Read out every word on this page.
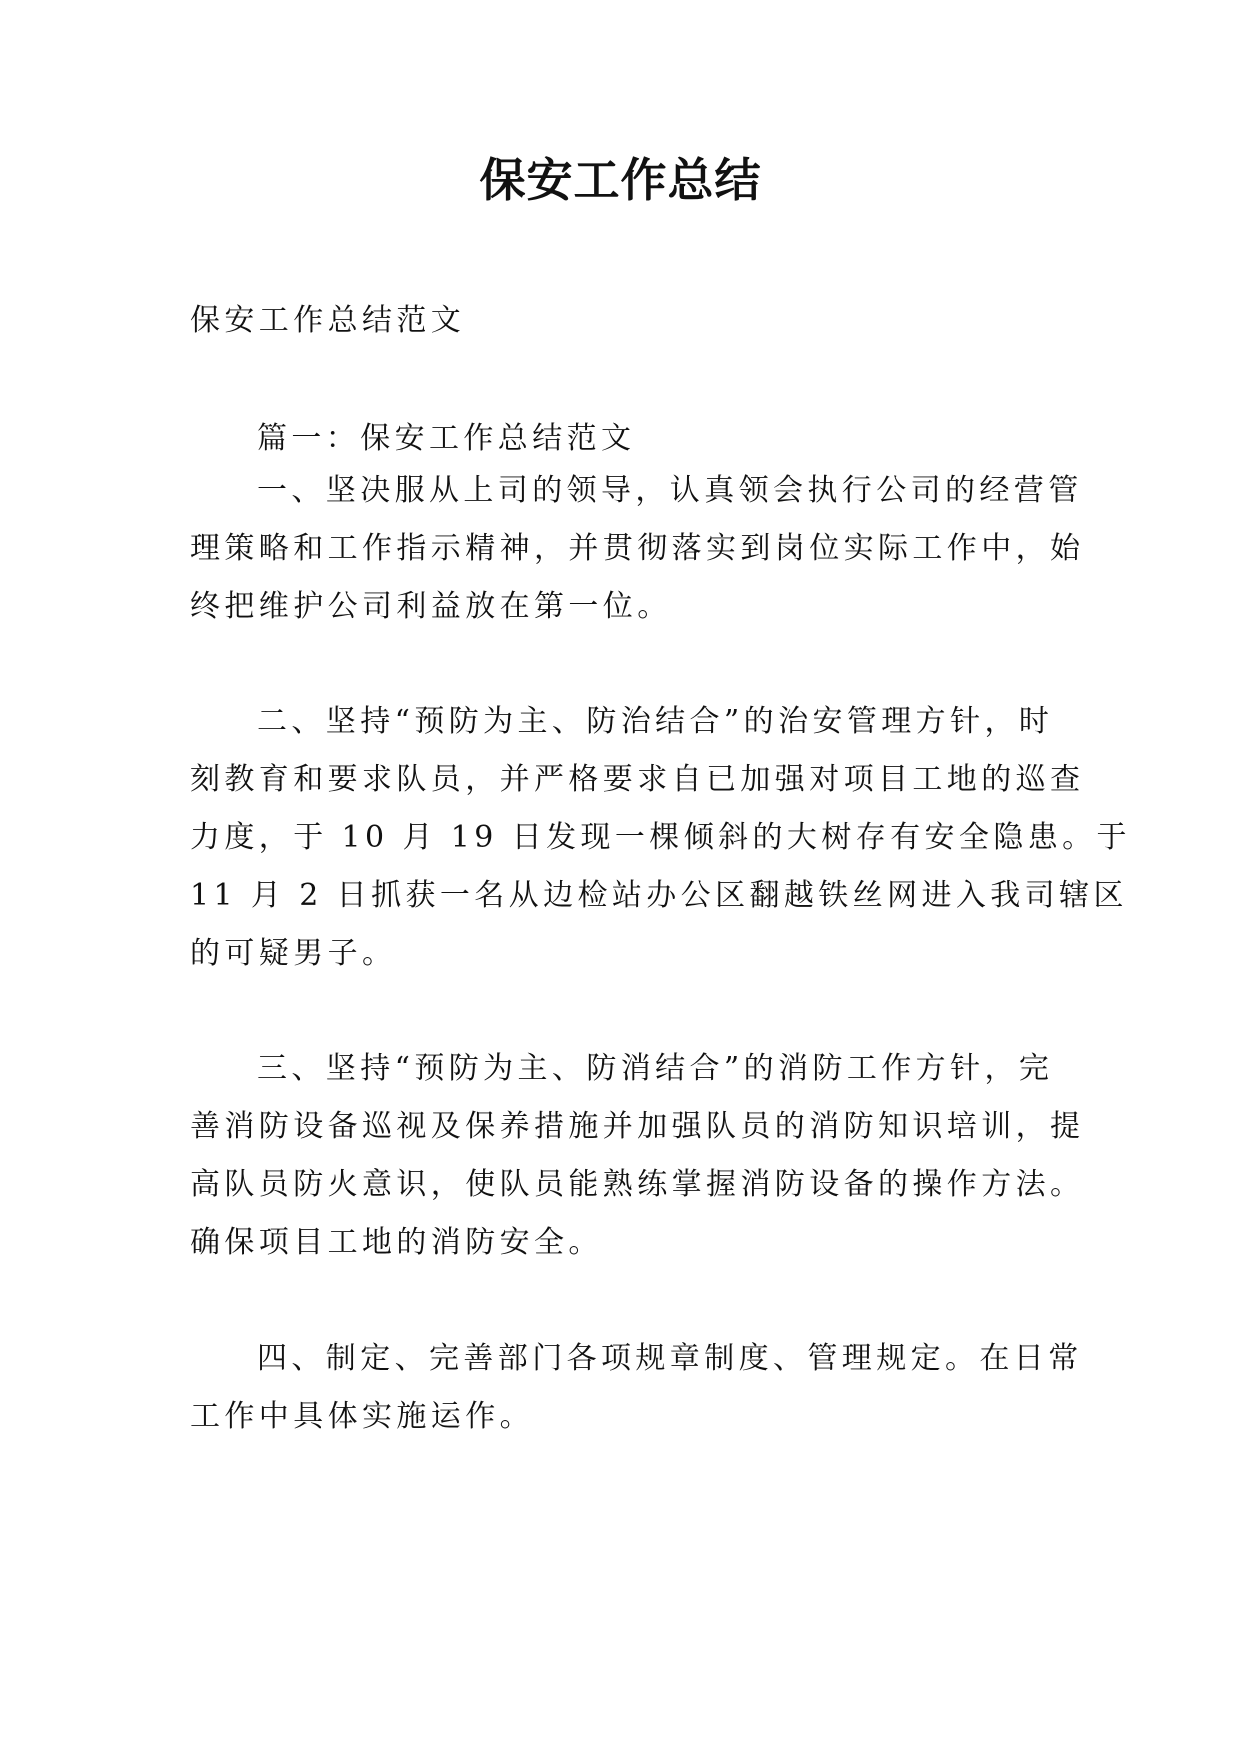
保安工作总结

保安工作总结范文

篇一：保安工作总结范文

一、坚决服从上司的领导，认真领会执行公司的经营管

理策略和工作指示精神，并贯彻落实到岗位实际工作中，始

终把维护公司利益放在第一位。

二、坚持“预防为主、防治结合”的治安管理方针，时

刻教育和要求队员，并严格要求自已加强对项目工地的巡查

力度，于 10 月 19 日发现一棵倾斜的大树存有安全隐患。于

11 月 2 日抓获一名从边检站办公区翻越铁丝网进入我司辖区

的可疑男子。

三、坚持“预防为主、防消结合”的消防工作方针，完

善消防设备巡视及保养措施并加强队员的消防知识培训，提

高队员防火意识，使队员能熟练掌握消防设备的操作方法。

确保项目工地的消防安全。

四、制定、完善部门各项规章制度、管理规定。在日常

工作中具体实施运作。
